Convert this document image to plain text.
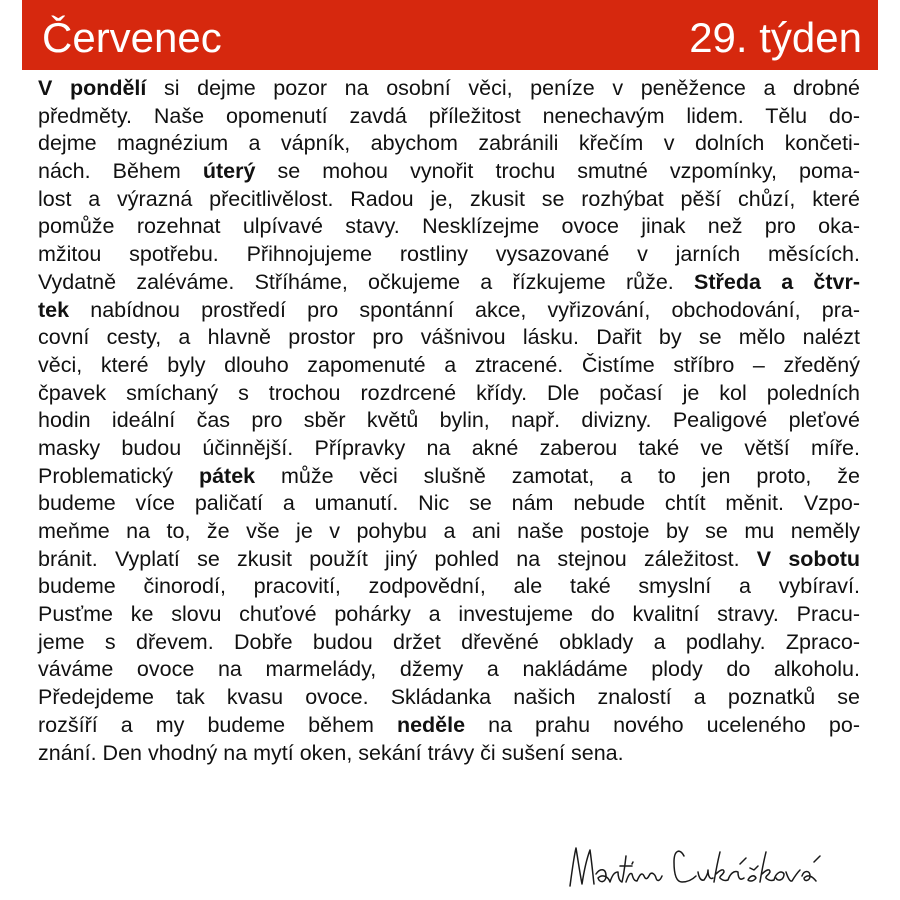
Červenec	29. týden
V pondělí si dejme pozor na osobní věci, peníze v peněžence a drobné
předměty. Naše opomenutí zavdá příležitost nenechavým lidem. Tělu do-
dejme magnézium a vápník, abychom zabránili křečím v dolních končeti-
nách. Během úterý se mohou vynořit trochu smutné vzpomínky, poma-
lost a výrazná přecitlivělost. Radou je, zkusit se rozhýbat pěší chůzí, které
pomůže rozehnat ulpívavé stavy. Nesklízejme ovoce jinak než pro oka-
mžitou spotřebu. Přihnojujeme rostliny vysazované v jarních měsících.
Vydatně zaléváme. Stříháme, očkujeme a řízkujeme růže. Středa a čtvr-
tek nabídnou prostředí pro spontánní akce, vyřizování, obchodování, pra-
covní cesty, a hlavně prostor pro vášnivou lásku. Dařit by se mělo nalézt
věci, které byly dlouho zapomenuté a ztracené. Čistíme stříbro – zředěný
čpavek smíchaný s trochou rozdrcené křídy. Dle počasí je kol poledních
hodin ideální čas pro sběr květů bylin, např. divizny. Pealigové pleťové
masky budou účinnější. Přípravky na akné zaberou také ve větší míře.
Problematický pátek může věci slušně zamotat, a to jen proto, že
budeme více paličatí a umanutí. Nic se nám nebude chtít měnit. Vzpo-
meňme na to, že vše je v pohybu a ani naše postoje by se mu neměly
bránit. Vyplatí se zkusit použít jiný pohled na stejnou záležitost. V sobotu
budeme činorodí, pracovití, zodpovědní, ale také smyslní a vybíraví.
Pusťme ke slovu chuťové pohárky a investujeme do kvalitní stravy. Pracu-
jeme s dřevem. Dobře budou držet dřevěné obklady a podlahy. Zpraco-
váváme ovoce na marmelády, džemy a nakládáme plody do alkoholu.
Předejdeme tak kvasu ovoce. Skládanka našich znalostí a poznatků se
rozšíří a my budeme během neděle na prahu nového uceleného po-
znání. Den vhodný na mytí oken, sekání trávy či sušení sena.
